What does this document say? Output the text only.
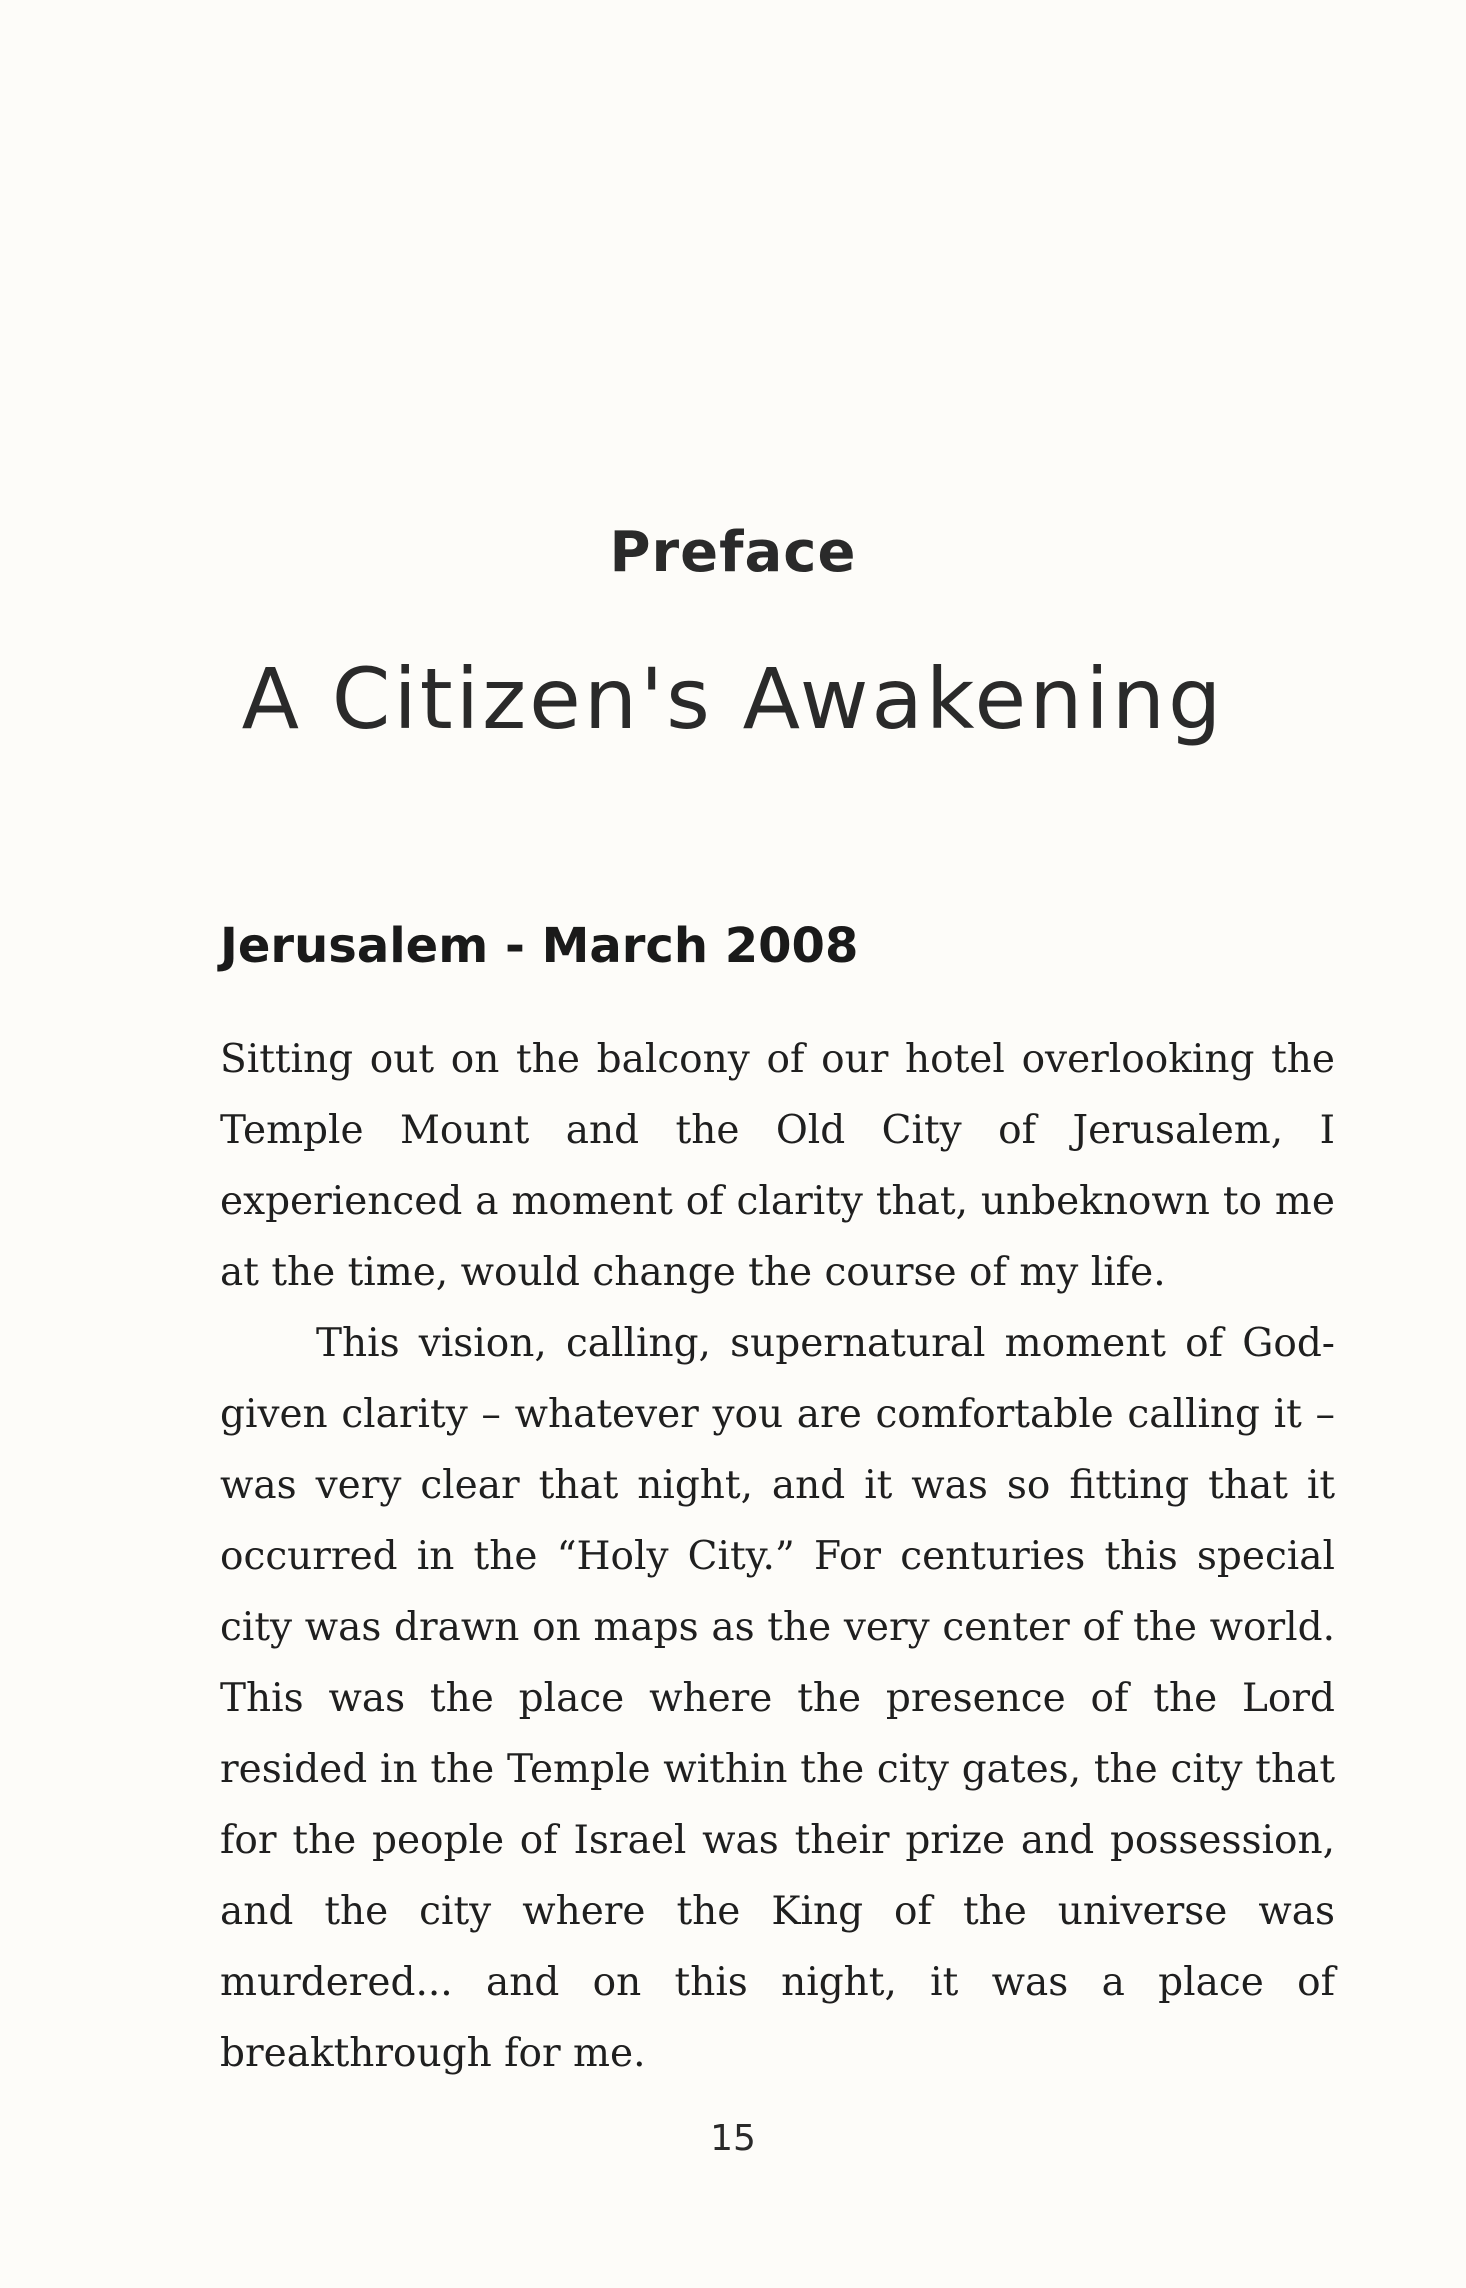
Preface
A Citizen's Awakening
Jerusalem - March 2008

Sitting out on the balcony of our hotel overlooking the Temple Mount and the Old City of Jerusalem, I experienced a moment of clarity that, unbeknown to me at the time, would change the course of my life.

This vision, calling, supernatural moment of God-given clarity – whatever you are comfortable calling it – was very clear that night, and it was so fitting that it occurred in the “Holy City.” For centuries this special city was drawn on maps as the very center of the world. This was the place where the presence of the Lord resided in the Temple within the city gates, the city that for the people of Israel was their prize and possession, and the city where the King of the universe was murdered... and on this night, it was a place of breakthrough for me.

15
